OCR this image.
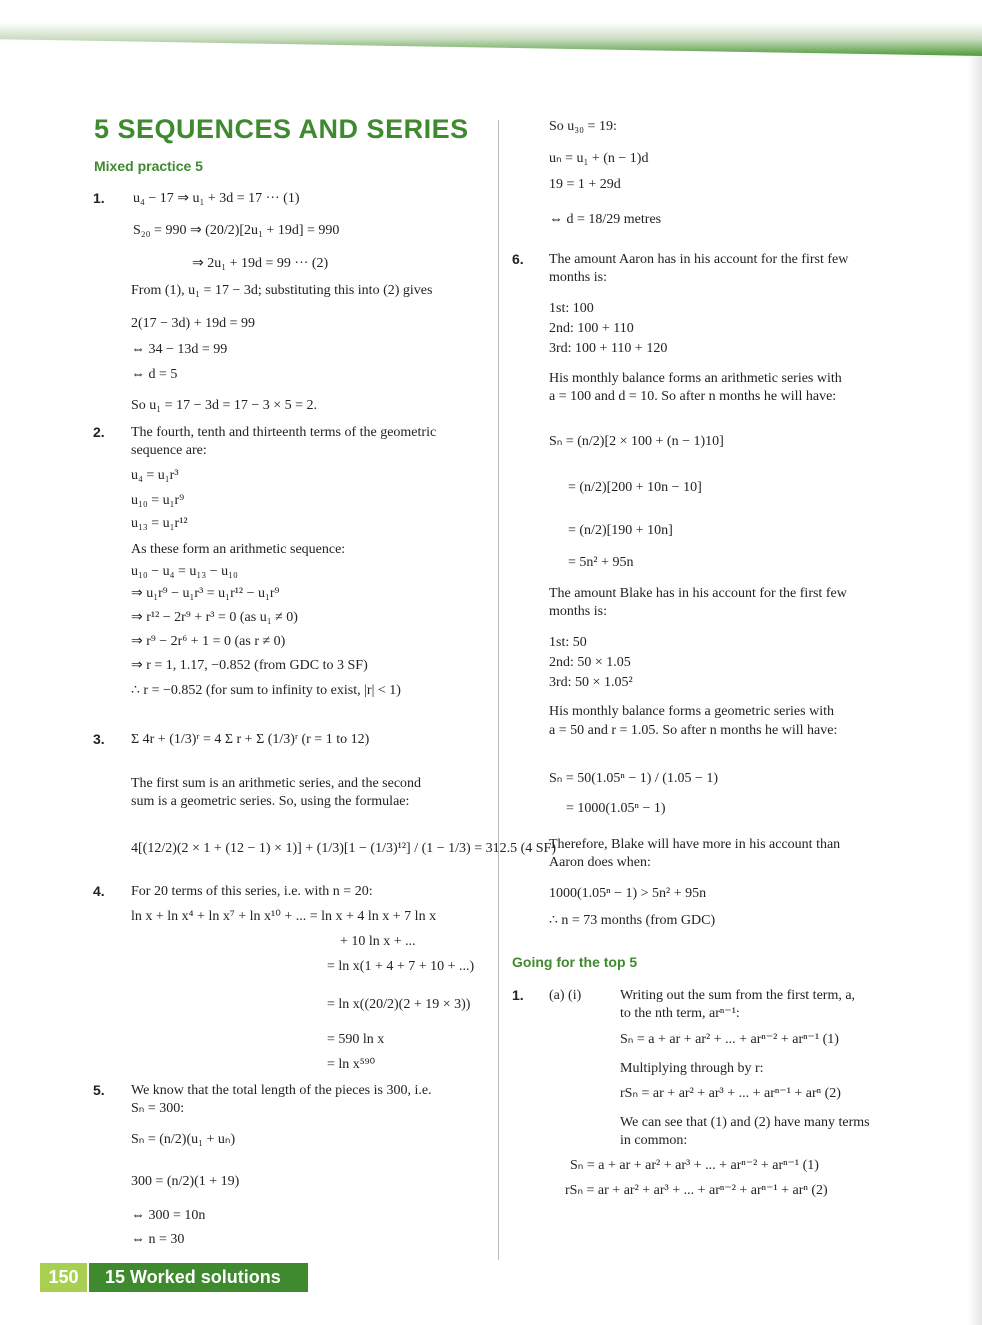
5 SEQUENCES AND SERIES
Mixed practice 5
Going for the top 5
u₄ − 17 ⇒ u₁ + 3d = 17 ··· (1)
S₂₀ = 990 ⇒ (20/2)[2u₁ + 19d] = 990
⇒ 2u₁ + 19d = 99 ··· (2)
From (1), u₁ = 17 − 3d; substituting this into (2) gives
2(17 − 3d) + 19d = 99
⇔ 34 − 13d = 99
⇔ d = 5
So u₁ = 17 − 3d = 17 − 3 × 5 = 2.
The fourth, tenth and thirteenth terms of the geometric
sequence are:
u₄ = u₁r³
u₁₀ = u₁r⁹
u₁₃ = u₁r¹²
As these form an arithmetic sequence:
u₁₀ − u₄ = u₁₃ − u₁₀
⇒ u₁r⁹ − u₁r³ = u₁r¹² − u₁r⁹
⇒ r¹² − 2r⁹ + r³ = 0 (as u₁ ≠ 0)
⇒ r⁹ − 2r⁶ + 1 = 0 (as r ≠ 0)
⇒ r = 1, 1.17, −0.852 (from GDC to 3 SF)
∴ r = −0.852 (for sum to infinity to exist, |r| < 1)
Σ 4r + (1/3)ʳ = 4 Σ r + Σ (1/3)ʳ (r = 1 to 12)
The first sum is an arithmetic series, and the second
sum is a geometric series. So, using the formulae:
4[(12/2)(2 × 1 + (12 − 1) × 1)] + (1/3)[1 − (1/3)¹²] / (1 − 1/3) = 312.5 (4 SF)
For 20 terms of this series, i.e. with n = 20:
ln x + ln x⁴ + ln x⁷ + ln x¹⁰ + ... = ln x + 4 ln x + 7 ln x
+ 10 ln x + ...
= ln x(1 + 4 + 7 + 10 + ...)
= ln x((20/2)(2 + 19 × 3))
= 590 ln x
= ln x⁵⁹⁰
We know that the total length of the pieces is 300, i.e.
Sₙ = 300:
Sₙ = (n/2)(u₁ + uₙ)
300 = (n/2)(1 + 19)
⇔ 300 = 10n
⇔ n = 30
1.
2.
3.
4.
5.
So u₃₀ = 19:
uₙ = u₁ + (n − 1)d
19 = 1 + 29d
⇔ d = 18/29 metres
The amount Aaron has in his account for the first few
months is:
1st: 100
2nd: 100 + 110
3rd: 100 + 110 + 120
His monthly balance forms an arithmetic series with
a = 100 and d = 10. So after n months he will have:
Sₙ = (n/2)[2 × 100 + (n − 1)10]
= (n/2)[200 + 10n − 10]
= (n/2)[190 + 10n]
= 5n² + 95n
The amount Blake has in his account for the first few
months is:
1st: 50
2nd: 50 × 1.05
3rd: 50 × 1.05²
His monthly balance forms a geometric series with
a = 50 and r = 1.05. So after n months he will have:
Sₙ = 50(1.05ⁿ − 1) / (1.05 − 1)
= 1000(1.05ⁿ − 1)
Therefore, Blake will have more in his account than
Aaron does when:
1000(1.05ⁿ − 1) > 5n² + 95n
∴ n = 73 months (from GDC)
(a) (i)	Writing out the sum from the first term, a,
to the nth term, arⁿ⁻¹:
Sₙ = a + ar + ar² + ... + arⁿ⁻² + arⁿ⁻¹ (1)
Multiplying through by r:
rSₙ = ar + ar² + ar³ + ... + arⁿ⁻¹ + arⁿ (2)
We can see that (1) and (2) have many terms
in common:
Sₙ = a + ar + ar² + ar³ + ... + arⁿ⁻² + arⁿ⁻¹ (1)
rSₙ = ar + ar² + ar³ + ... + arⁿ⁻² + arⁿ⁻¹ + arⁿ (2)
6.
1.
150	15 Worked solutions
